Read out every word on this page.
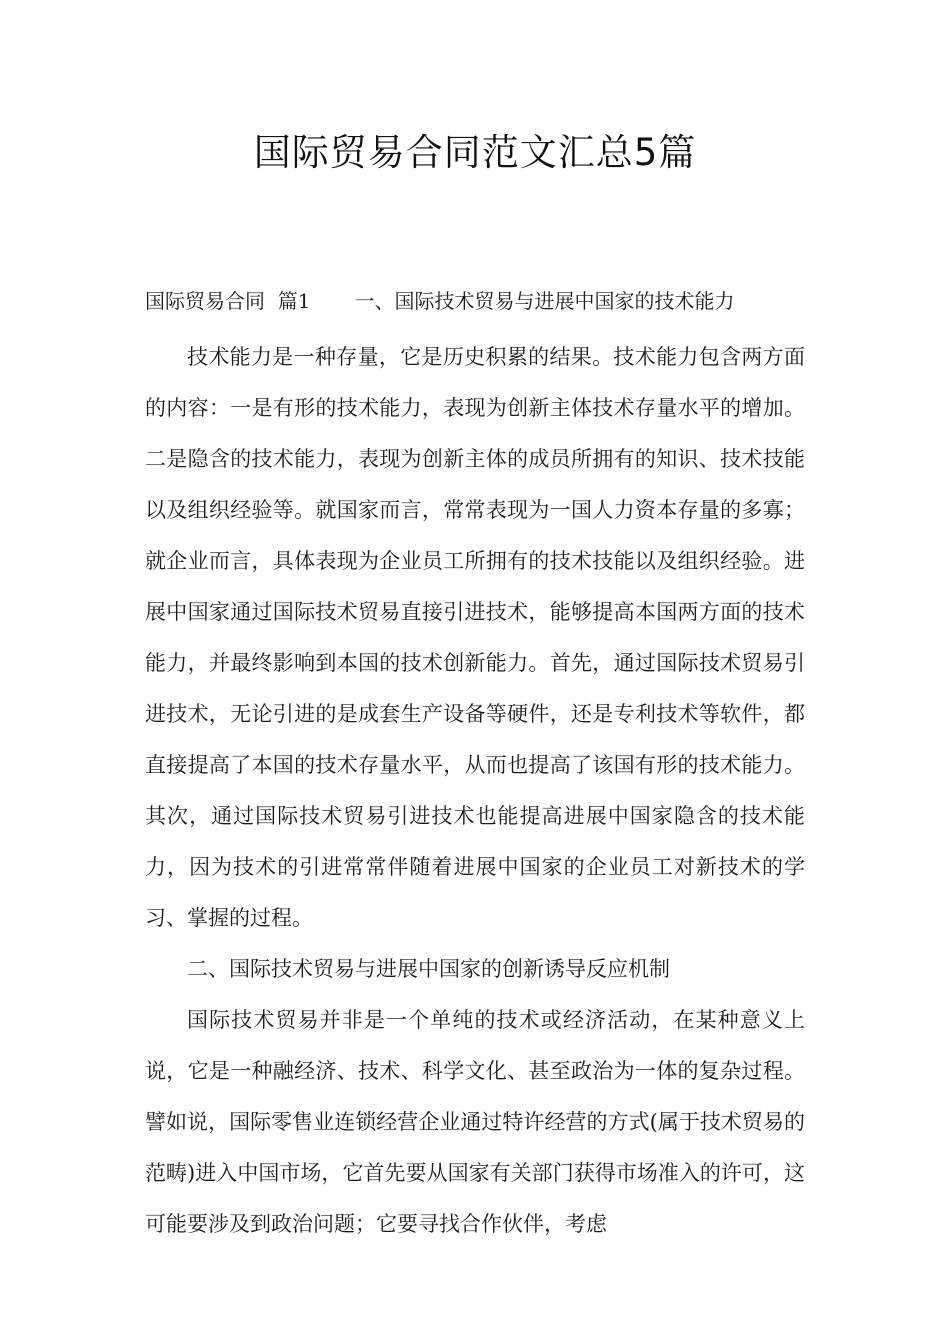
国际贸易合同范文汇总5篇
国际贸易合同  篇1 一、国际技术贸易与进展中国家的技术能力

技术能力是一种存量，它是历史积累的结果。技术能力包含两方面的内容：一是有形的技术能力，表现为创新主体技术存量水平的增加。二是隐含的技术能力，表现为创新主体的成员所拥有的知识、技术技能以及组织经验等。就国家而言，常常表现为一国人力资本存量的多寡；就企业而言，具体表现为企业员工所拥有的技术技能以及组织经验。进展中国家通过国际技术贸易直接引进技术，能够提高本国两方面的技术能力，并最终影响到本国的技术创新能力。首先，通过国际技术贸易引进技术，无论引进的是成套生产设备等硬件，还是专利技术等软件，都直接提高了本国的技术存量水平，从而也提高了该国有形的技术能力。其次，通过国际技术贸易引进技术也能提高进展中国家隐含的技术能力，因为技术的引进常常伴随着进展中国家的企业员工对新技术的学习、掌握的过程。

二、国际技术贸易与进展中国家的创新诱导反应机制

国际技术贸易并非是一个单纯的技术或经济活动，在某种意义上说，它是一种融经济、技术、科学文化、甚至政治为一体的复杂过程。譬如说，国际零售业连锁经营企业通过特许经营的方式(属于技术贸易的范畴)进入中国市场，它首先要从国家有关部门获得市场准入的许可，这可能要涉及到政治问题；它要寻找合作伙伴，考虑
